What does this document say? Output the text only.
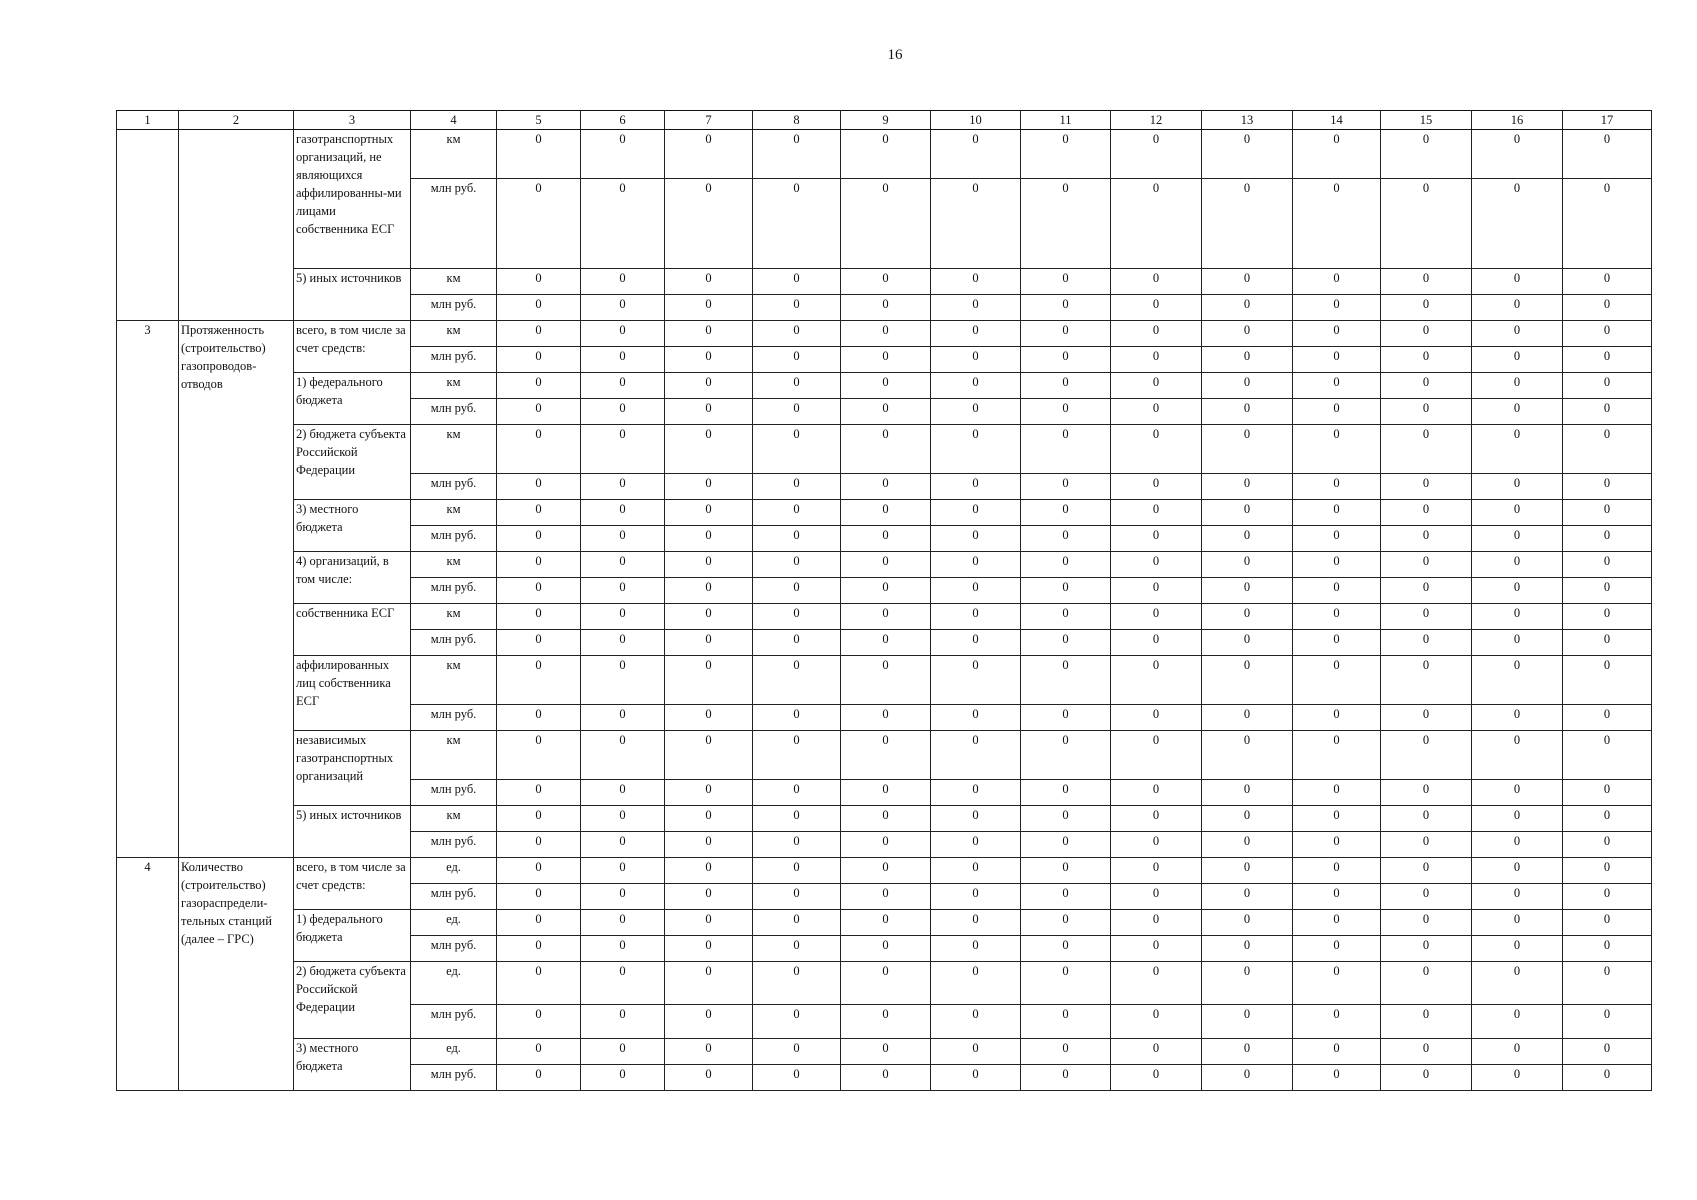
16
1	2	3	4	5	6	7	8	9	10	11	12	13	14	15	16	17
		газотранспортных организаций, не являющихся аффилированны-ми лицами собственника ЕСГ	км	0	0	0	0	0	0	0	0	0	0	0	0	0
			млн руб.	0	0	0	0	0	0	0	0	0	0	0	0	0
		5) иных источников	км	0	0	0	0	0	0	0	0	0	0	0	0	0
			млн руб.	0	0	0	0	0	0	0	0	0	0	0	0	0
3	Протяженность (строительство) газопроводов-отводов	всего, в том числе за счет средств:	км	0	0	0	0	0	0	0	0	0	0	0	0	0
			млн руб.	0	0	0	0	0	0	0	0	0	0	0	0	0
		1) федерального бюджета	км	0	0	0	0	0	0	0	0	0	0	0	0	0
			млн руб.	0	0	0	0	0	0	0	0	0	0	0	0	0
		2) бюджета субъекта Российской Федерации	км	0	0	0	0	0	0	0	0	0	0	0	0	0
			млн руб.	0	0	0	0	0	0	0	0	0	0	0	0	0
		3) местного бюджета	км	0	0	0	0	0	0	0	0	0	0	0	0	0
			млн руб.	0	0	0	0	0	0	0	0	0	0	0	0	0
		4) организаций, в том числе:	км	0	0	0	0	0	0	0	0	0	0	0	0	0
			млн руб.	0	0	0	0	0	0	0	0	0	0	0	0	0
		собственника ЕСГ	км	0	0	0	0	0	0	0	0	0	0	0	0	0
			млн руб.	0	0	0	0	0	0	0	0	0	0	0	0	0
		аффилированных лиц собственника ЕСГ	км	0	0	0	0	0	0	0	0	0	0	0	0	0
			млн руб.	0	0	0	0	0	0	0	0	0	0	0	0	0
		независимых газотранспортных организаций	км	0	0	0	0	0	0	0	0	0	0	0	0	0
			млн руб.	0	0	0	0	0	0	0	0	0	0	0	0	0
		5) иных источников	км	0	0	0	0	0	0	0	0	0	0	0	0	0
			млн руб.	0	0	0	0	0	0	0	0	0	0	0	0	0
4	Количество (строительство) газораспредели-тельных станций (далее – ГРС)	всего, в том числе за счет средств:	ед.	0	0	0	0	0	0	0	0	0	0	0	0	0
			млн руб.	0	0	0	0	0	0	0	0	0	0	0	0	0
		1) федерального бюджета	ед.	0	0	0	0	0	0	0	0	0	0	0	0	0
			млн руб.	0	0	0	0	0	0	0	0	0	0	0	0	0
		2) бюджета субъекта Российской Федерации	ед.	0	0	0	0	0	0	0	0	0	0	0	0	0
			млн руб.	0	0	0	0	0	0	0	0	0	0	0	0	0
		3) местного бюджета	ед.	0	0	0	0	0	0	0	0	0	0	0	0	0
			млн руб.	0	0	0	0	0	0	0	0	0	0	0	0	0
